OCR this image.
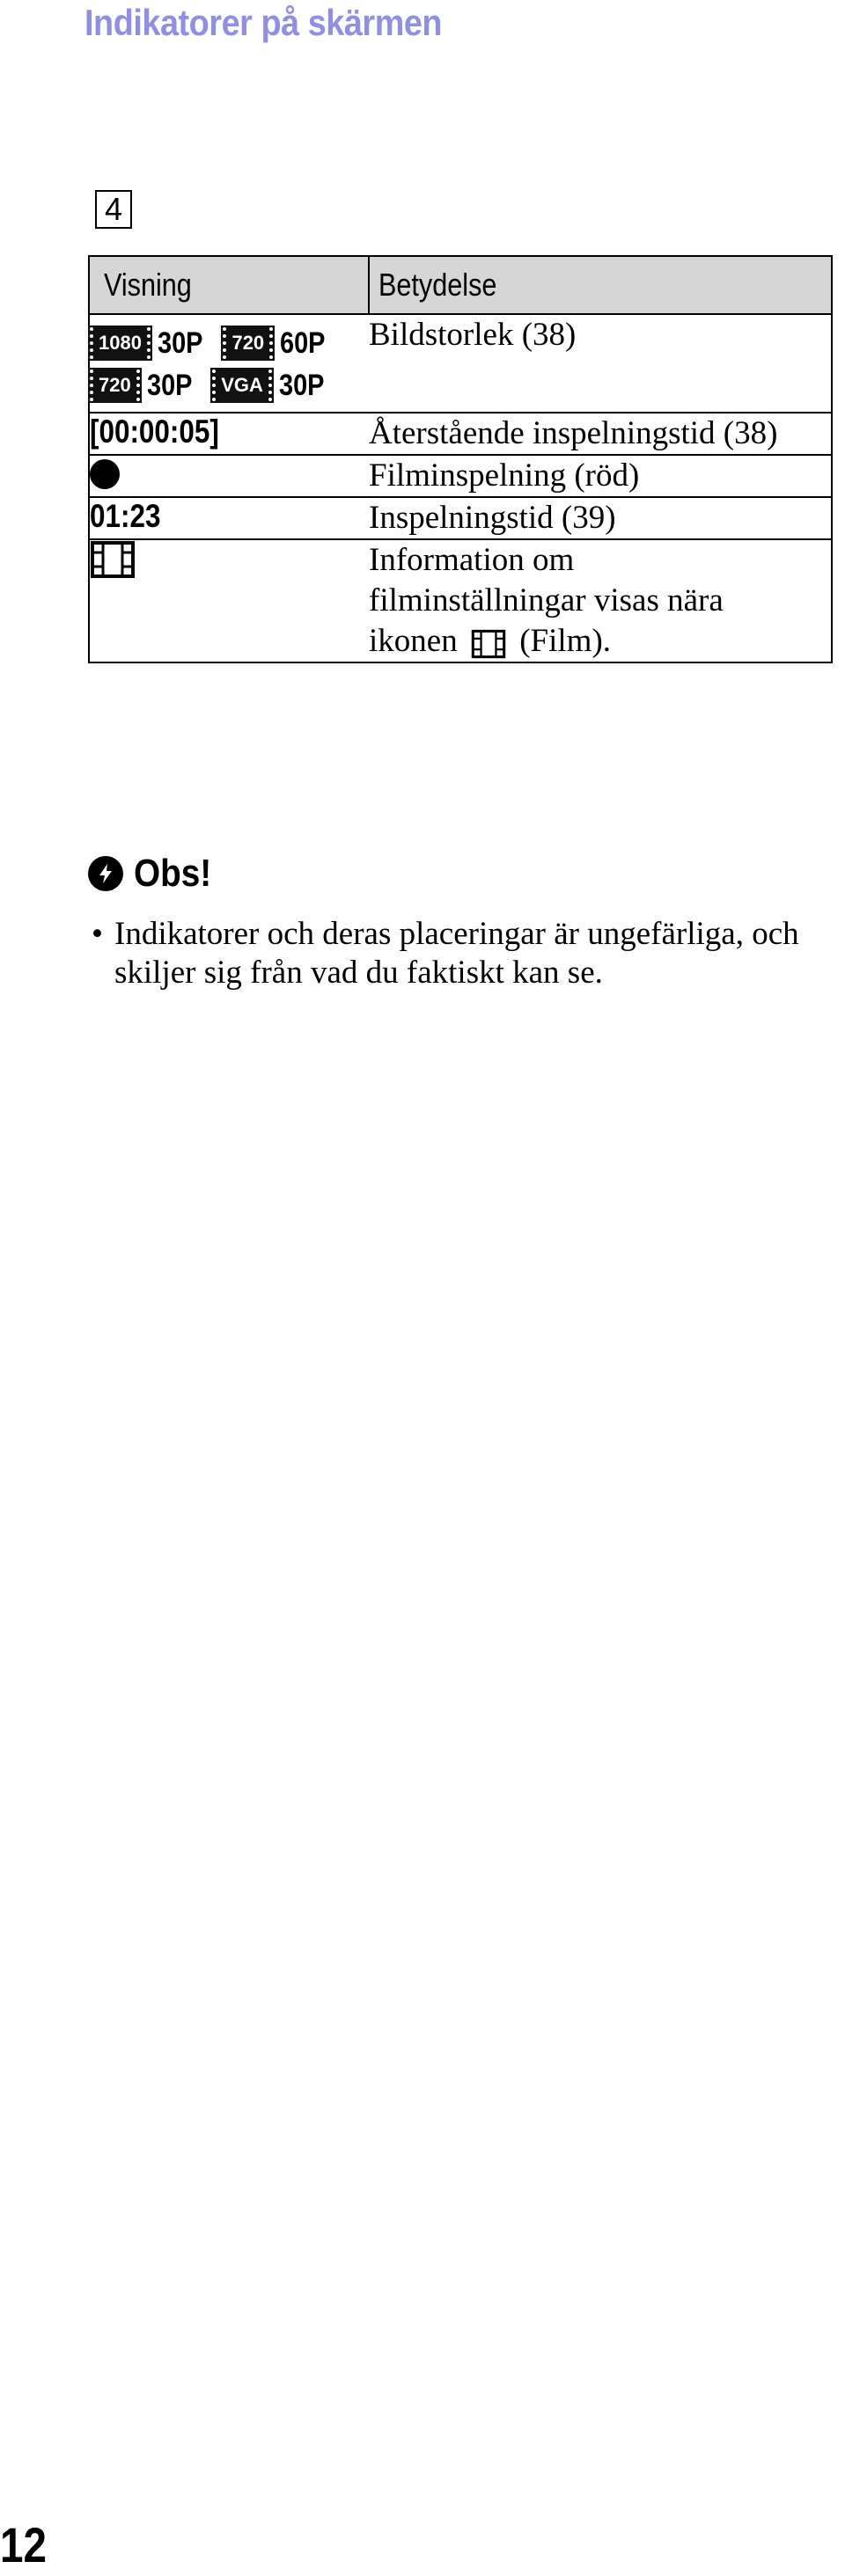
Indikatorer på skärmen
4
Visning	Betydelse

1080 30P 720 60P	Bildstorlek (38)

720 30P VGA 30P	

[00:00:05]	Återstående inspelningstid (38)
	Filminspelning (röd)
01:23	Inspelningstid (39)
	Information om
filminställningar visas nära
ikonen (Film).
Obs!
• Indikatorer och deras placeringar är ungefärliga, och skiljer sig från vad du faktiskt kan se.
12
